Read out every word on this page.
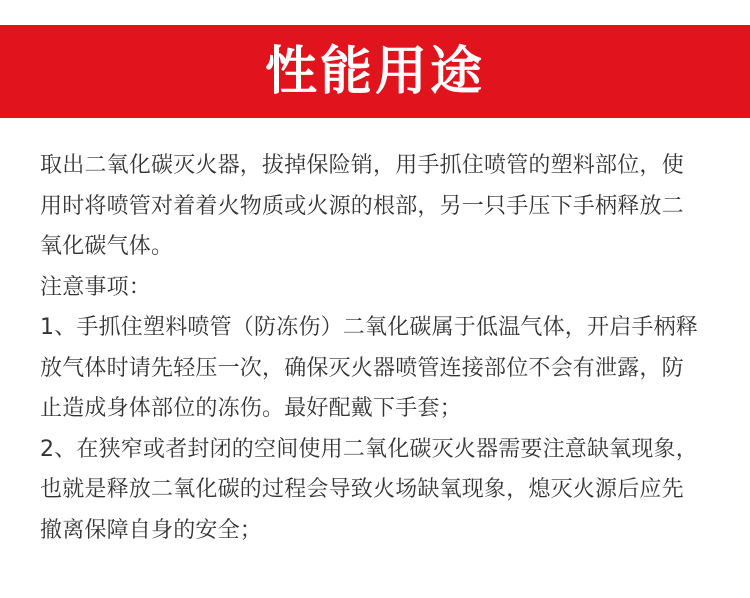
性能用途
取出二氧化碳灭火器，拔掉保险销，用手抓住喷管的塑料部位，使
用时将喷管对着着火物质或火源的根部，另一只手压下手柄释放二
氧化碳气体。
注意事项：
1、手抓住塑料喷管（防冻伤）二氧化碳属于低温气体，开启手柄释
放气体时请先轻压一次，确保灭火器喷管连接部位不会有泄露，防
止造成身体部位的冻伤。最好配戴下手套；
2、在狭窄或者封闭的空间使用二氧化碳灭火器需要注意缺氧现象，
也就是释放二氧化碳的过程会导致火场缺氧现象，熄灭火源后应先
撤离保障自身的安全；
